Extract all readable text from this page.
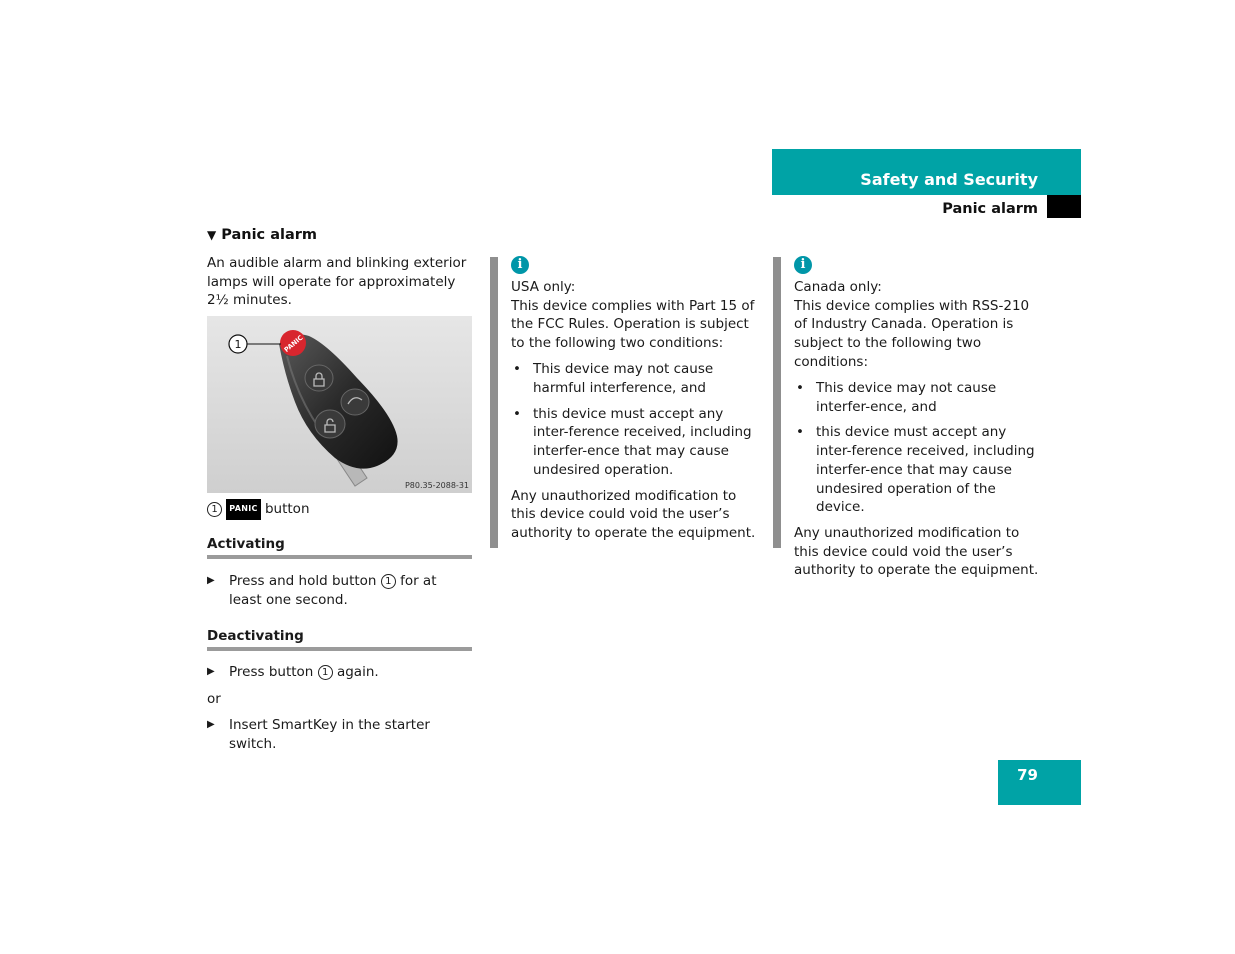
Safety and Security
Panic alarm
▼ Panic alarm
An audible alarm and blinking exterior lamps will operate for approximately 2½ minutes.
PANIC
1
P80.35-2088-31
1 PANIC button
Activating
▶ Press and hold button 1 for at least one second.
Deactivating
▶ Press button 1 again.
or
▶ Insert SmartKey in the starter switch.
i
USA only:

This device complies with Part 15 of the FCC Rules. Operation is subject to the following two conditions:

• This device may not cause harmful interference, and
• this device must accept any inter-ference received, including interfer-ence that may cause undesired operation.
Any unauthorized modification to this device could void the user’s authority to operate the equipment.
i
Canada only:

This device complies with RSS-210 of Industry Canada. Operation is subject to the following two conditions:

• This device may not cause interfer-ence, and
• this device must accept any inter-ference received, including interfer-ence that may cause undesired operation of the device.
Any unauthorized modification to this device could void the user’s authority to operate the equipment.
79
